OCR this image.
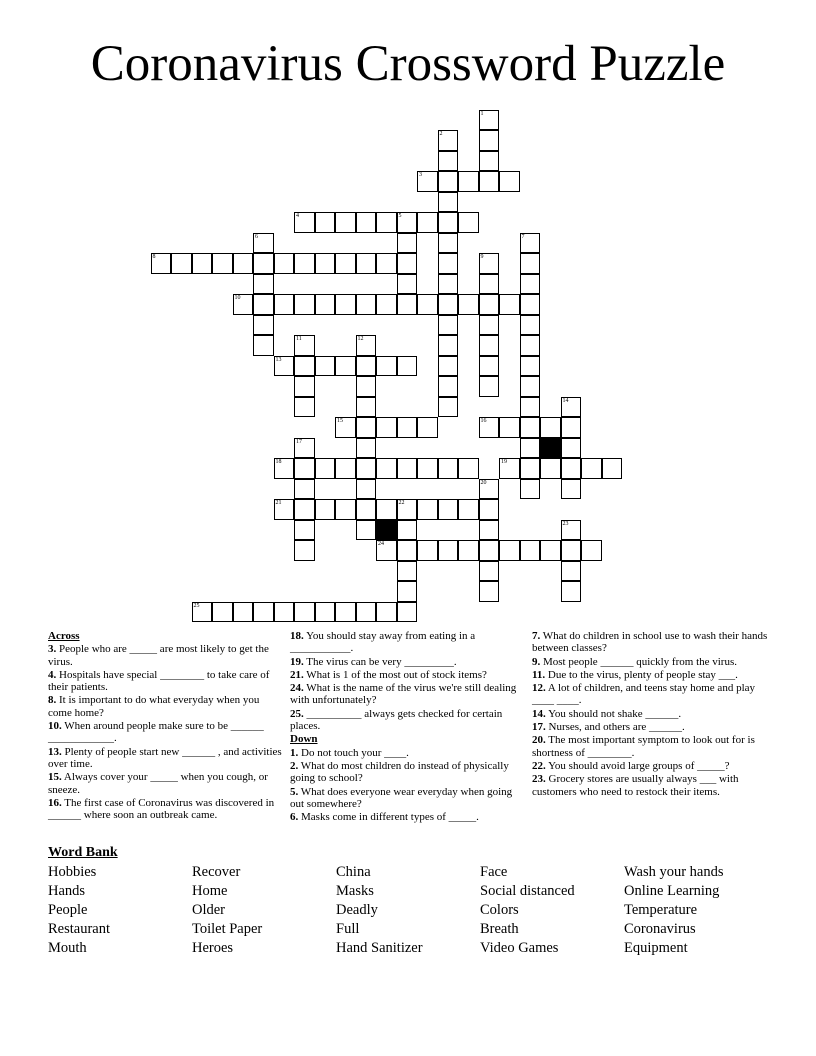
Coronavirus Crossword Puzzle
3
4	5
8
10
13
15	16
18	19
21	22
24
25
1
2
6	7
9
11	12
14
17
20
23
Across
3. People who are _____ are most likely to get the virus.
4. Hospitals have special ________ to take care of their patients.
8. It is important to do what everyday when you come home?
10. When around people make sure to be ______ ____________.
13. Plenty of people start new ______ , and activities over time.
15. Always cover your _____ when you cough, or sneeze.
16. The first case of Coronavirus was discovered in ______ where soon an outbreak came.
18. You should stay away from eating in a ___________.
19. The virus can be very _________.
21. What is 1 of the most out of stock items?
24. What is the name of the virus we're still dealing with unfortunately?
25. __________ always gets checked for certain places.
Down
1. Do not touch your ____.
2. What do most children do instead of physically going to school?
5. What does everyone wear everyday when going out somewhere?
6. Masks come in different types of _____.
7. What do children in school use to wash their hands between classes?
9. Most people ______ quickly from the virus.
11. Due to the virus, plenty of people stay ___.
12. A lot of children, and teens stay home and play ____ ____.
14. You should not shake ______.
17. Nurses, and others are ______.
20. The most important symptom to look out for is shortness of ________.
22. You should avoid large groups of _____?
23. Grocery stores are usually always ___ with customers who need to restock their items.
Word Bank
Hobbies
Hands
People
Restaurant
Mouth
Recover
Home
Older
Toilet Paper
Heroes
China
Masks
Deadly
Full
Hand Sanitizer
Face
Social distanced
Colors
Breath
Video Games
Wash your hands
Online Learning
Temperature
Coronavirus
Equipment
